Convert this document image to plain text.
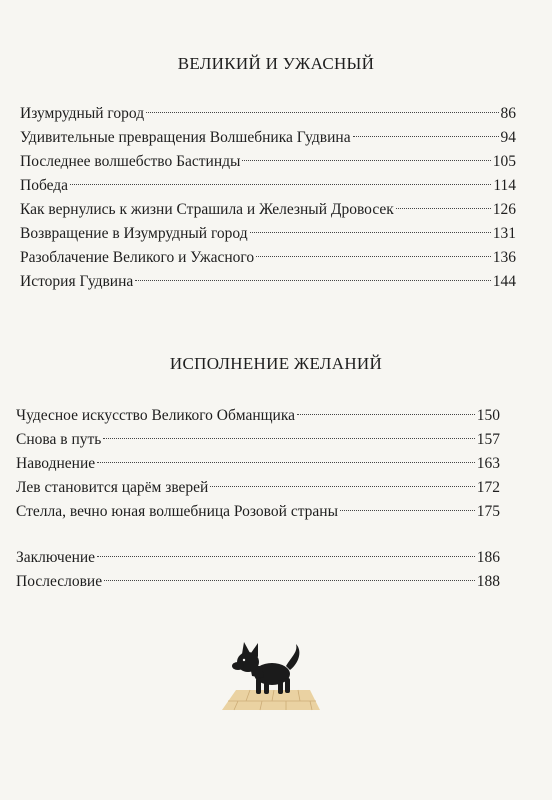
ВЕЛИКИЙ И УЖАСНЫЙ
Изумрудный город	86
Удивительные превращения Волшебника Гудвина	94
Последнее волшебство Бастинды	105
Победа	114
Как вернулись к жизни Страшила и Железный Дровосек	126
Возвращение в Изумрудный город	131
Разоблачение Великого и Ужасного	136
История Гудвина	144
ИСПОЛНЕНИЕ ЖЕЛАНИЙ
Чудесное искусство Великого Обманщика	150
Снова в путь	157
Наводнение	163
Лев становится царём зверей	172
Стелла, вечно юная волшебница Розовой страны	175
Заключение	186
Послесловие	188
